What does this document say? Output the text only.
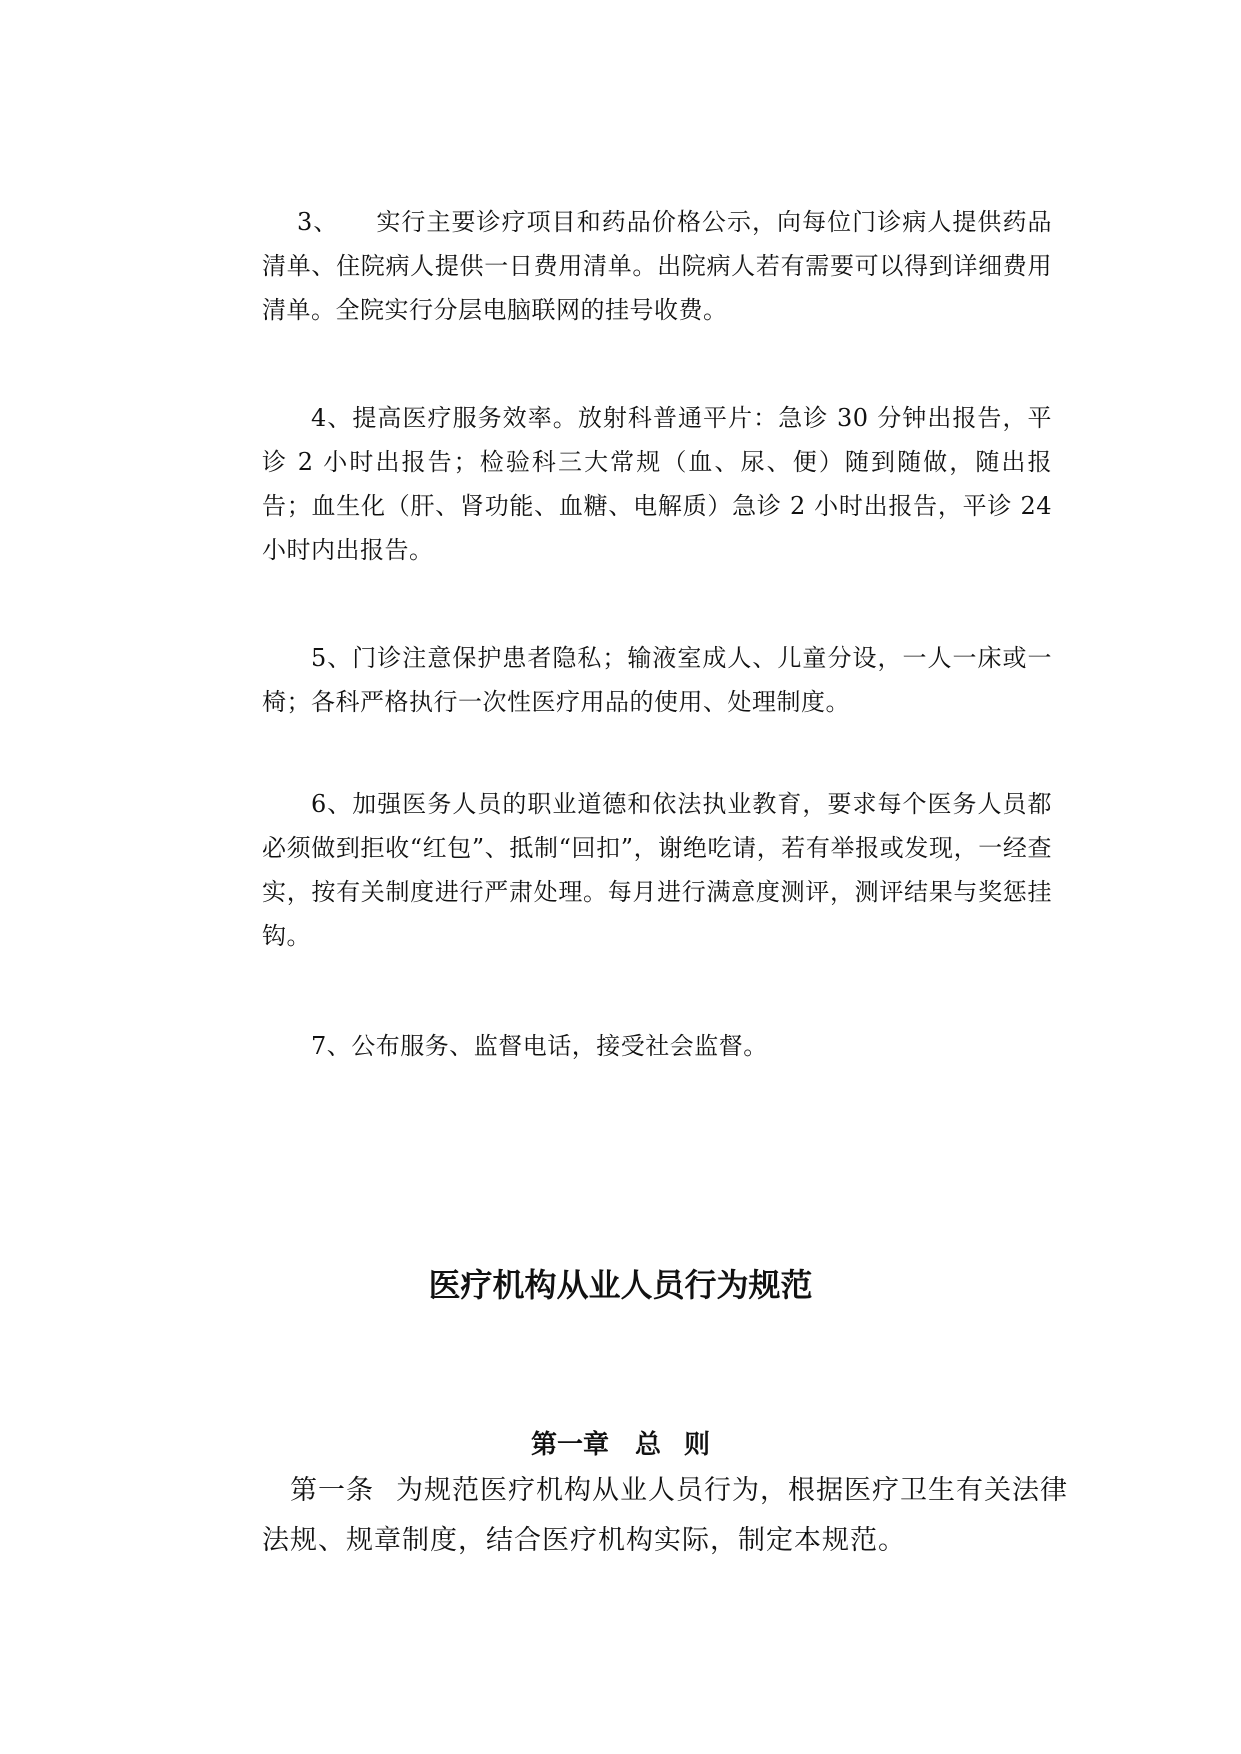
3、 实行主要诊疗项目和药品价格公示，向每位门诊病人提供药品清单、住院病人提供一日费用清单。出院病人若有需要可以得到详细费用清单。全院实行分层电脑联网的挂号收费。

4、提高医疗服务效率。放射科普通平片：急诊 30 分钟出报告，平诊 2 小时出报告；检验科三大常规（血、尿、便）随到随做，随出报告；血生化（肝、肾功能、血糖、电解质）急诊 2 小时出报告，平诊 24 小时内出报告。

5、门诊注意保护患者隐私；输液室成人、儿童分设，一人一床或一椅；各科严格执行一次性医疗用品的使用、处理制度。

6、加强医务人员的职业道德和依法执业教育，要求每个医务人员都必须做到拒收“红包”、抵制“回扣”，谢绝吃请，若有举报或发现，一经查实，按有关制度进行严肃处理。每月进行满意度测评，测评结果与奖惩挂钩。

7、公布服务、监督电话，接受社会监督。

医疗机构从业人员行为规范
第一章　总 则

第一条 为规范医疗机构从业人员行为，根据医疗卫生有关法律法规、规章制度，结合医疗机构实际，制定本规范。
